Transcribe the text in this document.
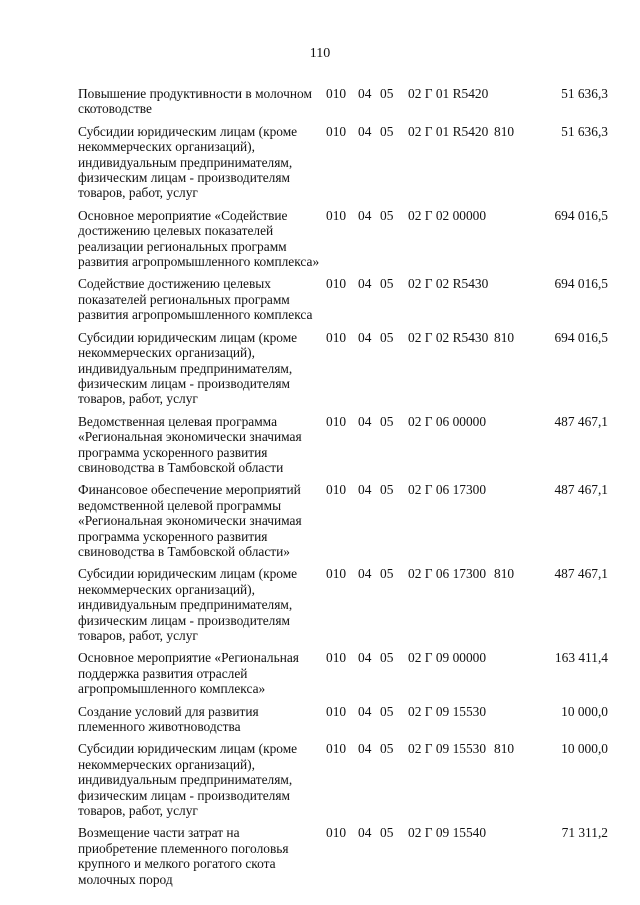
110
Повышение продуктивности в молочном скотоводстве
010 04 05	02 Г 01 R5420	51 636,3
Субсидии юридическим лицам (кроме некоммерческих организаций), индивидуальным предпринимателям, физическим лицам - производителям товаров, работ, услуг
010 04 05	02 Г 01 R5420 810	51 636,3
Основное мероприятие «Содействие достижению целевых показателей реализации региональных программ развития агропромышленного комплекса»
010 04 05	02 Г 02 00000	694 016,5
Содействие достижению целевых показателей региональных программ развития агропромышленного комплекса
010 04 05	02 Г 02 R5430	694 016,5
Субсидии юридическим лицам (кроме некоммерческих организаций), индивидуальным предпринимателям, физическим лицам - производителям товаров, работ, услуг
010 04 05	02 Г 02 R5430 810	694 016,5
Ведомственная целевая программа «Региональная экономически значимая программа ускоренного развития свиноводства в Тамбовской области
010 04 05	02 Г 06 00000	487 467,1
Финансовое обеспечение мероприятий ведомственной целевой программы «Региональная экономически значимая программа ускоренного развития свиноводства в Тамбовской области»
010 04 05	02 Г 06 17300	487 467,1
Субсидии юридическим лицам (кроме некоммерческих организаций), индивидуальным предпринимателям, физическим лицам - производителям товаров, работ, услуг
010 04 05	02 Г 06 17300 810	487 467,1
Основное мероприятие «Региональная поддержка развития отраслей агропромышленного комплекса»
010 04 05	02 Г 09 00000	163 411,4
Создание условий для развития племенного животноводства
010 04 05	02 Г 09 15530	10 000,0
Субсидии юридическим лицам (кроме некоммерческих организаций), индивидуальным предпринимателям, физическим лицам - производителям товаров, работ, услуг
010 04 05	02 Г 09 15530 810	10 000,0
Возмещение части затрат на приобретение племенного поголовья крупного и мелкого рогатого скота молочных пород
010 04 05	02 Г 09 15540	71 311,2
